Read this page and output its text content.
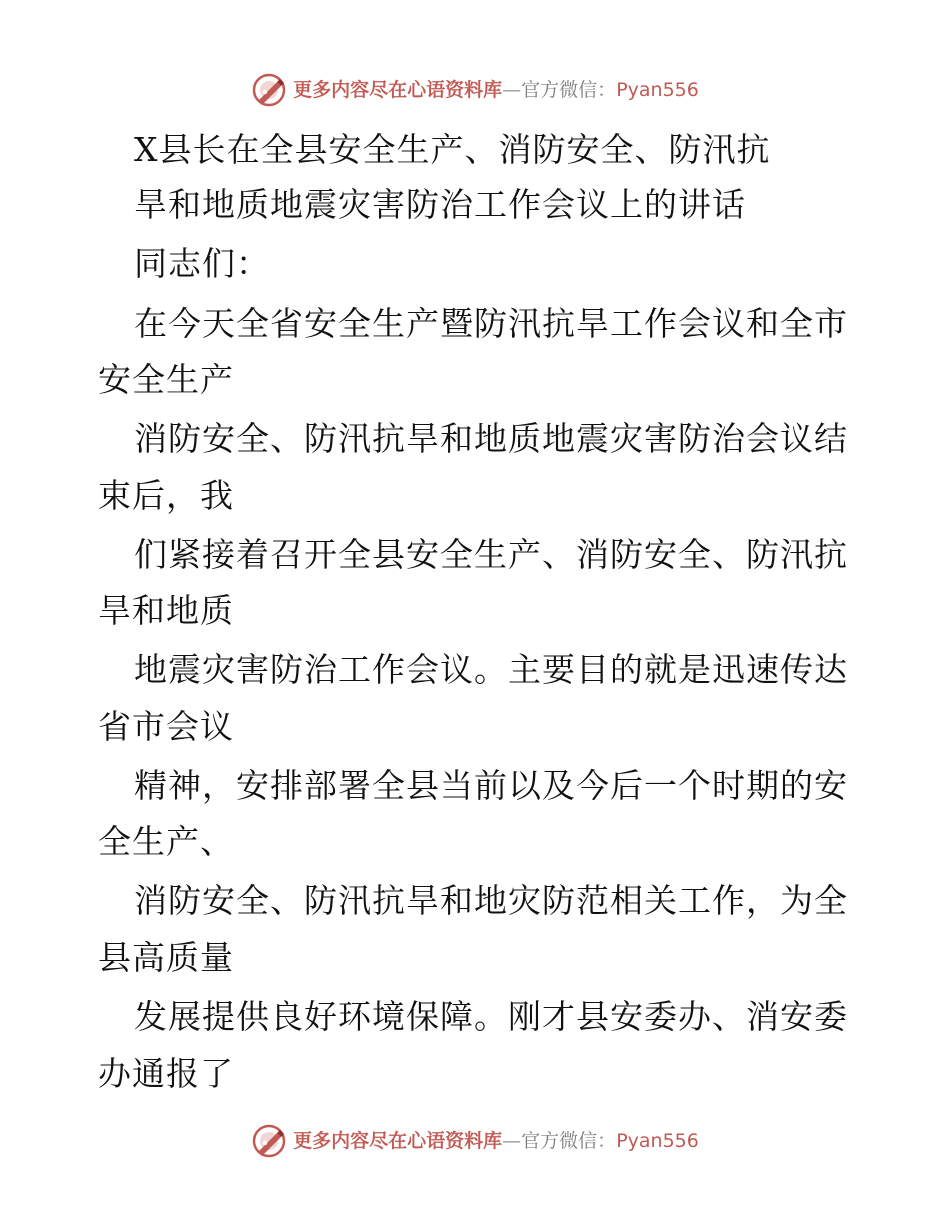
更多内容尽在心语资料库—官方微信：Pyan556
X县长在全县安全生产、消防安全、防汛抗
旱和地质地震灾害防治工作会议上的讲话
同志们：
在今天全省安全生产暨防汛抗旱工作会议和全市
安全生产
消防安全、防汛抗旱和地质地震灾害防治会议结
束后，我
们紧接着召开全县安全生产、消防安全、防汛抗
旱和地质
地震灾害防治工作会议。主要目的就是迅速传达
省市会议
精神，安排部署全县当前以及今后一个时期的安
全生产、
消防安全、防汛抗旱和地灾防范相关工作，为全
县高质量
发展提供良好环境保障。刚才县安委办、消安委
办通报了
更多内容尽在心语资料库—官方微信：Pyan556
